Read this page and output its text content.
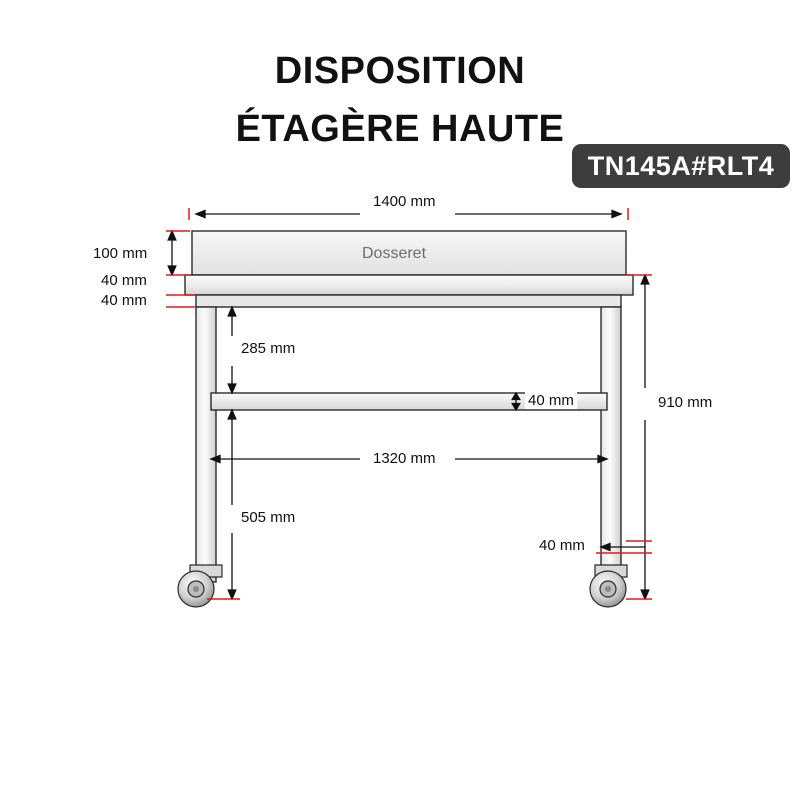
DISPOSITION
ÉTAGÈRE HAUTE
TN145A#RLT4
1400 mm
100 mm
40 mm
40 mm
285 mm
40 mm
1320 mm
910 mm
505 mm
40 mm
Dosseret
